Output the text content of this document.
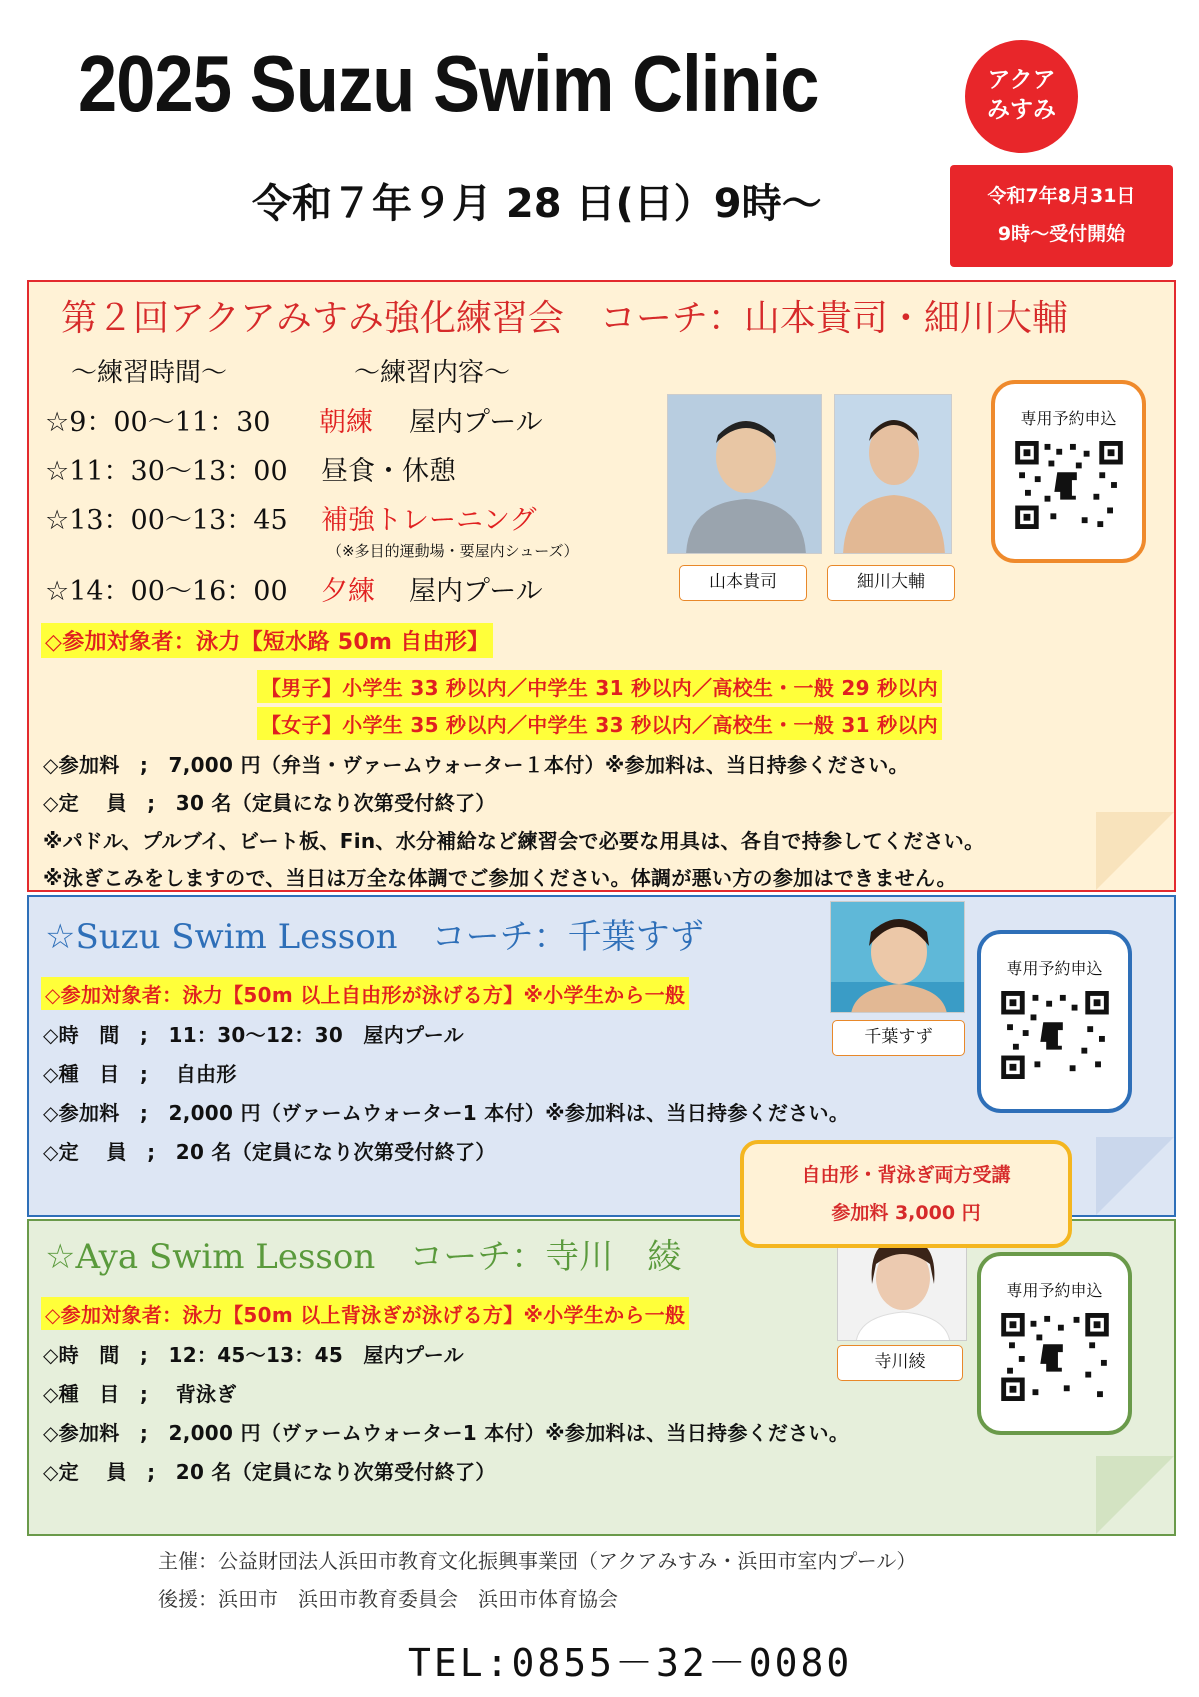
2025 Suzu Swim Clinic	アクア
みすみ
令和７年９月 28 日(日）9時～	令和7年8月31日
9時～受付開始
第２回アクアみすみ強化練習会　コーチ：山本貴司・細川大輔
～練習時間～	～練習内容～
☆9：00～11：30 朝練 屋内プール
☆11：30～13：00 昼食・休憩
☆13：00～13：45 補強トレーニング
（※多目的運動場・要屋内シューズ）
☆14：00～16：00 夕練 屋内プール
◇参加対象者：泳力【短水路 50m 自由形】
【男子】小学生 33 秒以内／中学生 31 秒以内／高校生・一般 29 秒以内
【女子】小学生 35 秒以内／中学生 33 秒以内／高校生・一般 31 秒以内
◇参加料　;　7,000 円（弁当・ヴァームウォーター１本付）※参加料は、当日持参ください。
◇定　 員　;　30 名（定員になり次第受付終了）
※パドル、プルブイ、ビート板、Fin、水分補給など練習会で必要な用具は、各自で持参してください。
※泳ぎこみをしますので、当日は万全な体調でご参加ください。体調が悪い方の参加はできません。
山本貴司	細川大輔
専用予約申込
☆Suzu Swim Lesson　コーチ：千葉すず
◇参加対象者：泳力【50m 以上自由形が泳げる方】※小学生から一般
◇時　間　;　11：30～12：30　屋内プール
◇種　目　;　 自由形
◇参加料　;　2,000 円（ヴァームウォーター1 本付）※参加料は、当日持参ください。
◇定　 員　;　20 名（定員になり次第受付終了）
千葉すず
専用予約申込
☆Aya Swim Lesson　コーチ：寺川　綾
◇参加対象者：泳力【50m 以上背泳ぎが泳げる方】※小学生から一般
◇時　間　;　12：45～13：45　屋内プール
◇種　目　;　 背泳ぎ
◇参加料　;　2,000 円（ヴァームウォーター1 本付）※参加料は、当日持参ください。
◇定　 員　;　20 名（定員になり次第受付終了）
寺川綾
専用予約申込
自由形・背泳ぎ両方受講
参加料 3,000 円
主催：公益財団法人浜田市教育文化振興事業団（アクアみすみ・浜田市室内プール）
後援：浜田市　浜田市教育委員会　浜田市体育協会
TEL:0855－32－0080
